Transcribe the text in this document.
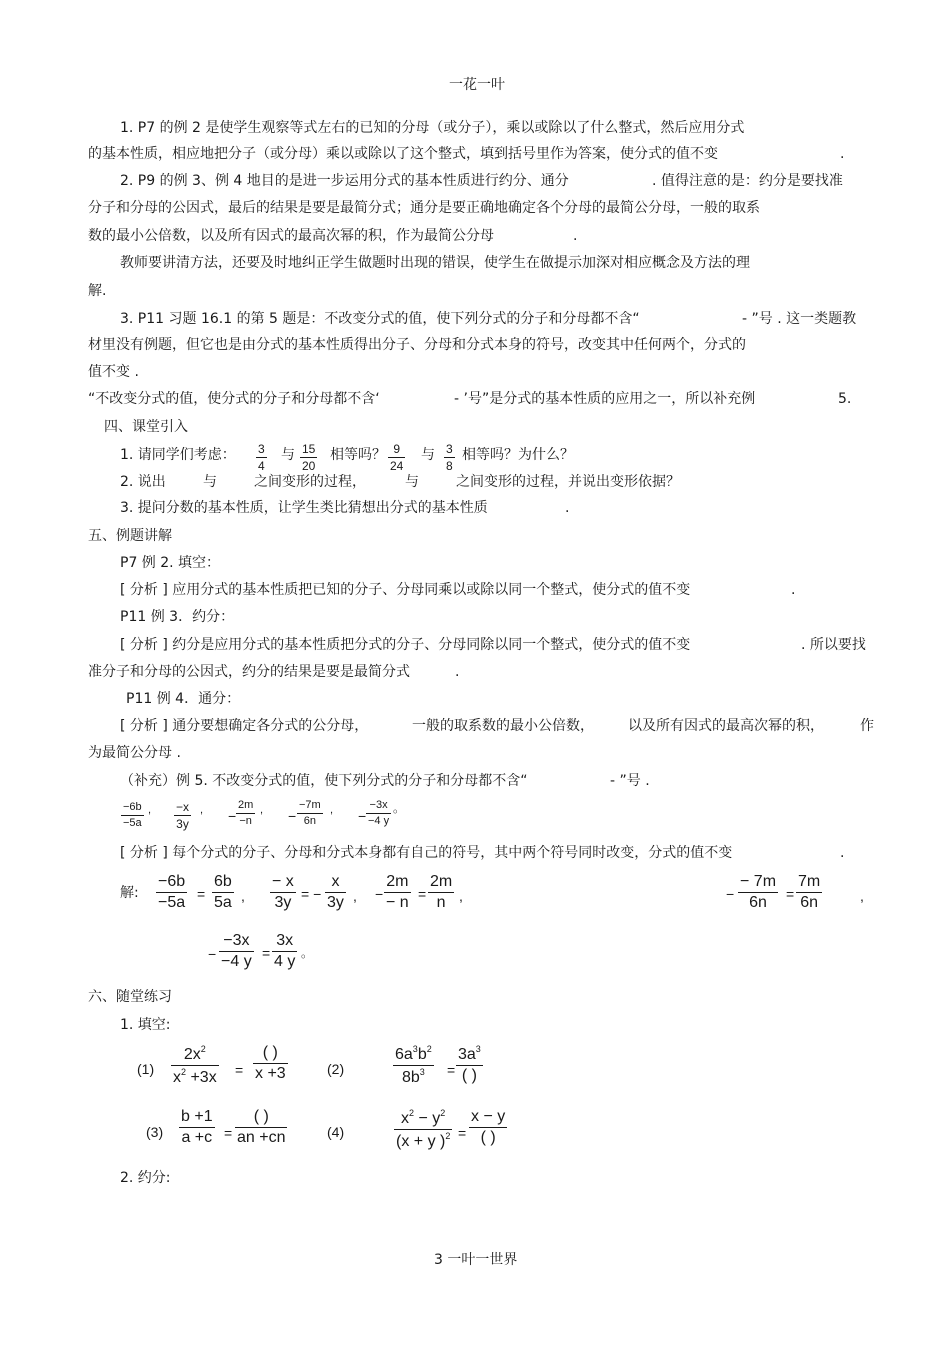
一花一叶
1. P7 的例 2 是使学生观察等式左右的已知的分母（或分子），乘以或除以了什么整式，然后应用分式
的基本性质，相应地把分子（或分母）乘以或除以了这个整式，填到括号里作为答案，使分式的值不变	.
2. P9 的例 3、例 4 地目的是进一步运用分式的基本性质进行约分、通分	. 值得注意的是：约分是要找准
分子和分母的公因式，最后的结果是要是最简分式；通分是要正确地确定各个分母的最简公分母，一般的取系
数的最小公倍数，以及所有因式的最高次幂的积，作为最简公分母	.
教师要讲清方法，还要及时地纠正学生做题时出现的错误，使学生在做提示加深对相应概念及方法的理
解.
3. P11 习题 16.1 的第 5 题是：不改变分式的值，使下列分式的分子和分母都不含“	- ”号 . 这一类题教
材里没有例题，但它也是由分式的基本性质得出分子、分母和分式本身的符号，改变其中任何两个，分式的
值不变 .
“不改变分式的值，使分式的分子和分母都不含‘	- ’号”是分式的基本性质的应用之一，所以补充例	5.
四、课堂引入
1. 请同学们考虑： 3
4
与 15
20
相等吗？ 9
24
与 3
8
相等吗？为什么？
2. 说出	与	之间变形的过程，	与	之间变形的过程，并说出变形依据？
3. 提问分数的基本性质，让学生类比猜想出分式的基本性质	.
五、例题讲解
P7 例 2. 填空：
[ 分析 ] 应用分式的基本性质把已知的分子、分母同乘以或除以同一个整式，使分式的值不变	.
P11 例 3．约分：
[ 分析 ] 约分是应用分式的基本性质把分式的分子、分母同除以同一个整式，使分式的值不变	. 所以要找
准分子和分母的公因式，约分的结果是要是最简分式	.
P11 例 4．通分：
[ 分析 ] 通分要想确定各分式的公分母，	一般的取系数的最小公倍数， 以及所有因式的最高次幂的积，	作
为最简公分母 .
（补充）例 5. 不改变分式的值，使下列分式的分子和分母都不含“	- ”号 .
−6b
−5a
, −x
3y
, −
2m
−n
, −
−7m
6n
, −
−3x
−4 y
。
[ 分析 ] 每个分式的分子、分母和分式本身都有自己的符号，其中两个符号同时改变，分式的值不变	.
解:
−6b
−5a =
6b
5a ,
− x
3y = −
x
3y , −
2m
− n =
2m
n ,	−
− 7m
6n =
7m
6n	,
−
−3x
−4 y =
3x
4 y 。
六、随堂练习
1. 填空:
(1)
$2x^2$
$x^2 +3x$ =
( )
x +3	(2)
$6a^3b^2$
$8b^3$ =
$3a^3$
( )
(3)
b +1
a +c =
( )
an +cn	(4)
$x^2 - y^2$
(x + y )$^2$ =
x − y
( )
2. 约分:
3 一叶一世界
